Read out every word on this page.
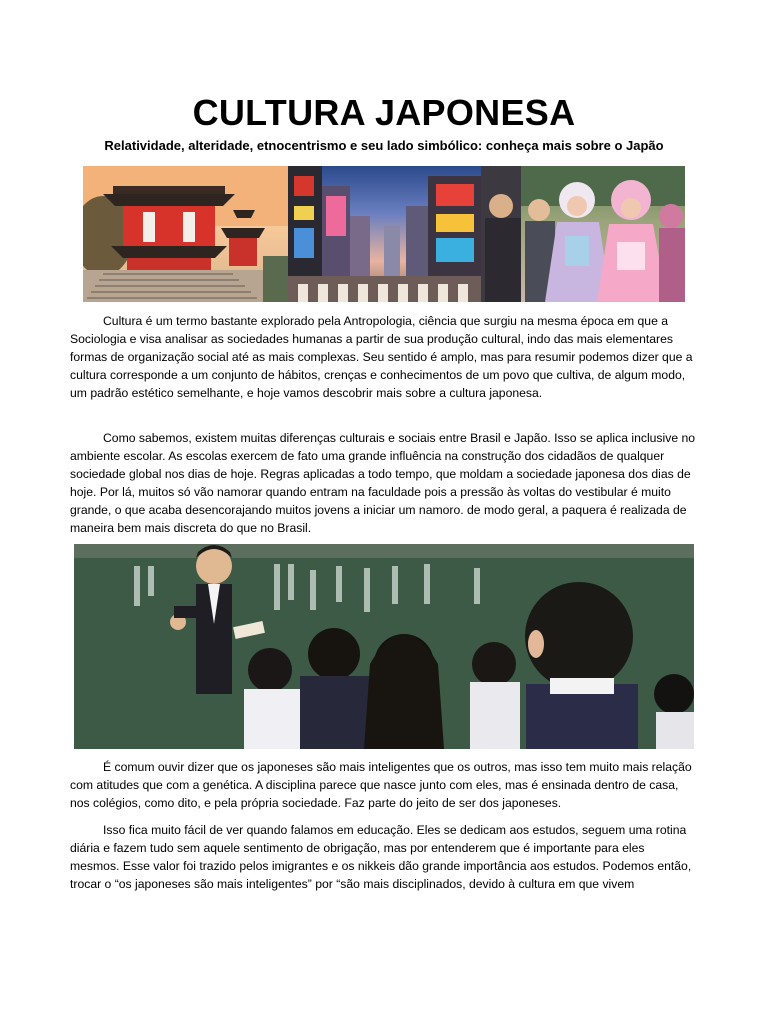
CULTURA JAPONESA
Relatividade, alteridade, etnocentrismo e seu lado simbólico: conheça mais sobre o Japão

Cultura é um termo bastante explorado pela Antropologia, ciência que surgiu na mesma época em que a Sociologia e visa analisar as sociedades humanas a partir de sua produção cultural, indo das mais elementares formas de organização social até as mais complexas. Seu sentido é amplo, mas para resumir podemos dizer que a cultura corresponde a um conjunto de hábitos, crenças e conhecimentos de um povo que cultiva, de algum modo, um padrão estético semelhante, e hoje vamos descobrir mais sobre a cultura japonesa.

Como sabemos, existem muitas diferenças culturais e sociais entre Brasil e Japão. Isso se aplica inclusive no ambiente escolar. As escolas exercem de fato uma grande influência na construção dos cidadãos de qualquer sociedade global nos dias de hoje. Regras aplicadas a todo tempo, que moldam a sociedade japonesa dos dias de hoje. Por lá, muitos só vão namorar quando entram na faculdade pois a pressão às voltas do vestibular é muito grande, o que acaba desencorajando muitos jovens a iniciar um namoro. de modo geral, a paquera é realizada de maneira bem mais discreta do que no Brasil.

É comum ouvir dizer que os japoneses são mais inteligentes que os outros, mas isso tem muito mais relação com atitudes que com a genética. A disciplina parece que nasce junto com eles, mas é ensinada dentro de casa, nos colégios, como dito, e pela própria sociedade. Faz parte do jeito de ser dos japoneses.

Isso fica muito fácil de ver quando falamos em educação. Eles se dedicam aos estudos, seguem uma rotina diária e fazem tudo sem aquele sentimento de obrigação, mas por entenderem que é importante para eles mesmos. Esse valor foi trazido pelos imigrantes e os nikkeis dão grande importância aos estudos. Podemos então, trocar o “os japoneses são mais inteligentes” por “são mais disciplinados, devido à cultura em que vivem
